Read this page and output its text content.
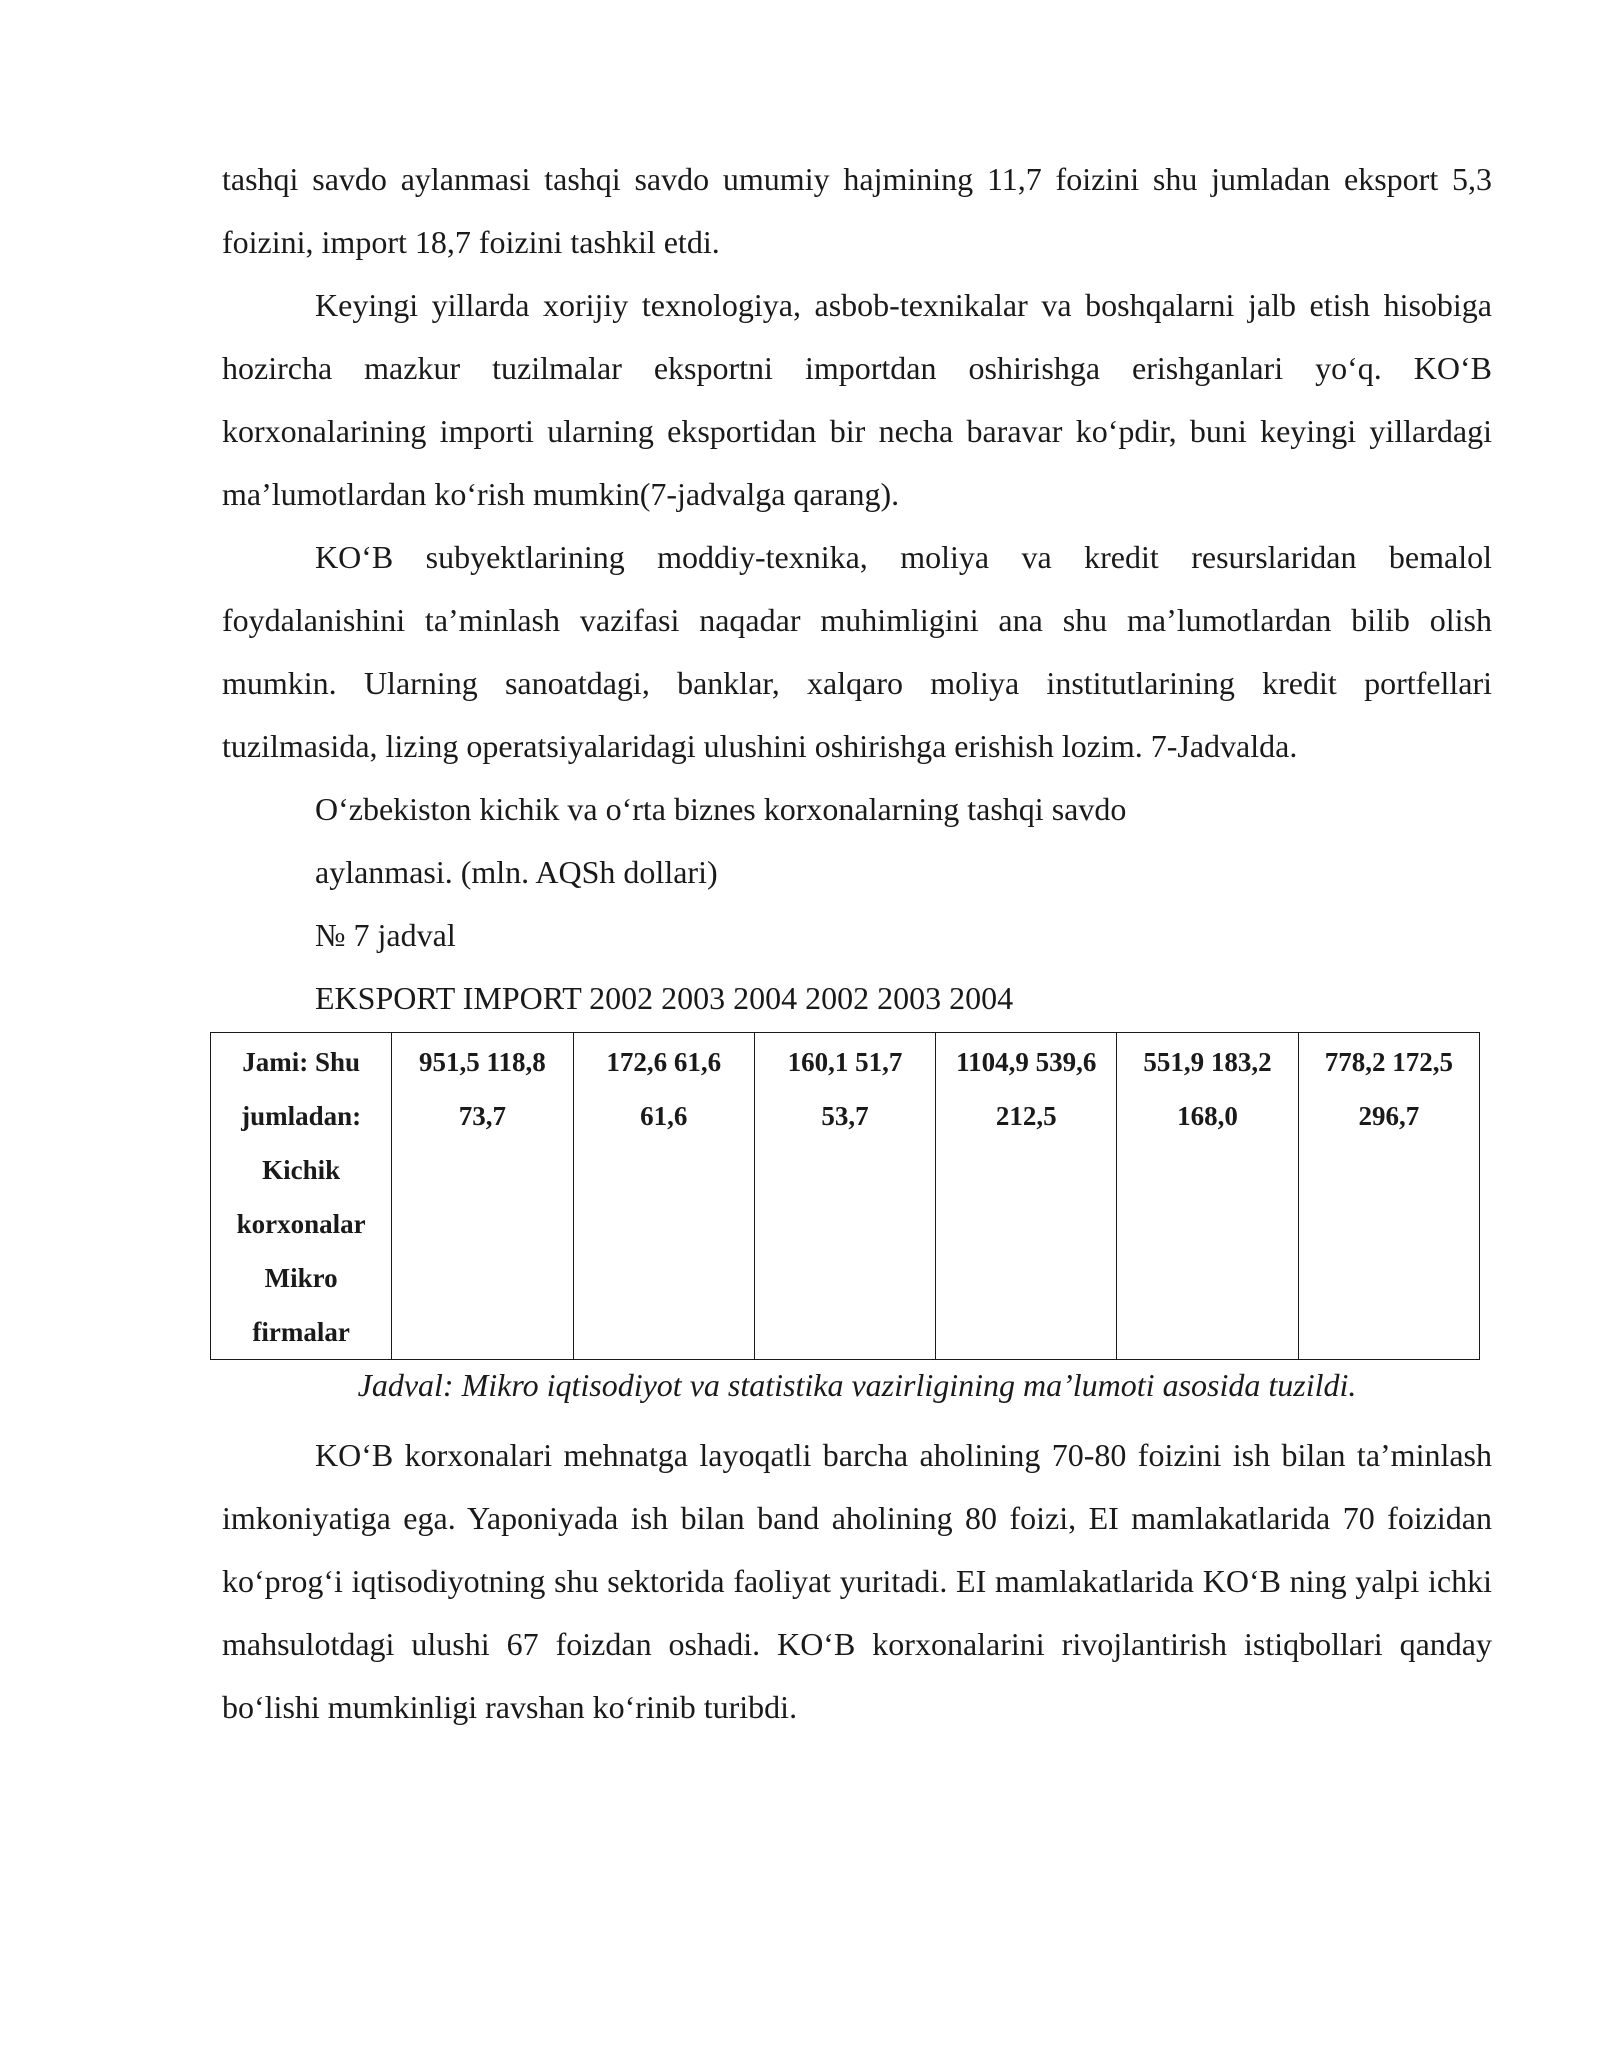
tashqi savdo aylanmasi tashqi savdo umumiy hajmining 11,7 foizini shu jumladan eksport 5,3 foizini, import 18,7 foizini tashkil etdi.

Keyingi yillarda xorijiy texnologiya, asbob-texnikalar va boshqalarni jalb etish hisobiga hozircha mazkur tuzilmalar eksportni importdan oshirishga erishganlari yo‘q. KO‘B korxonalarining importi ularning eksportidan bir necha baravar ko‘pdir, buni keyingi yillardagi ma’lumotlardan ko‘rish mumkin(7-jadvalga qarang).

KO‘B subyektlarining moddiy-texnika, moliya va kredit resurslaridan bemalol foydalanishini ta’minlash vazifasi naqadar muhimligini ana shu ma’lumotlardan bilib olish mumkin. Ularning sanoatdagi, banklar, xalqaro moliya institutlarining kredit portfellari tuzilmasida, lizing operatsiyalaridagi ulushini oshirishga erishish lozim. 7-Jadvalda.

O‘zbekiston kichik va o‘rta biznes korxonalarning tashqi savdo

aylanmasi. (mln. AQSh dollari)

№ 7 jadval

EKSPORT IMPORT 2002 2003 2004 2002 2003 2004

Jami: Shu jumladan: Kichik korxonalar Mikro firmalar	951,5 118,8 73,7	172,6 61,6 61,6	160,1 51,7 53,7	1104,9 539,6 212,5	551,9 183,2 168,0	778,2 172,5 296,7

Jadval: Mikro iqtisodiyot va statistika vazirligining ma’lumoti asosida tuzildi.

KO‘B korxonalari mehnatga layoqatli barcha aholining 70-80 foizini ish bilan ta’minlash imkoniyatiga ega. Yaponiyada ish bilan band aholining 80 foizi, EI mamlakatlarida 70 foizidan ko‘prog‘i iqtisodiyotning shu sektorida faoliyat yuritadi. EI mamlakatlarida KO‘B ning yalpi ichki mahsulotdagi ulushi 67 foizdan oshadi. KO‘B korxonalarini rivojlantirish istiqbollari qanday bo‘lishi mumkinligi ravshan ko‘rinib turibdi.
